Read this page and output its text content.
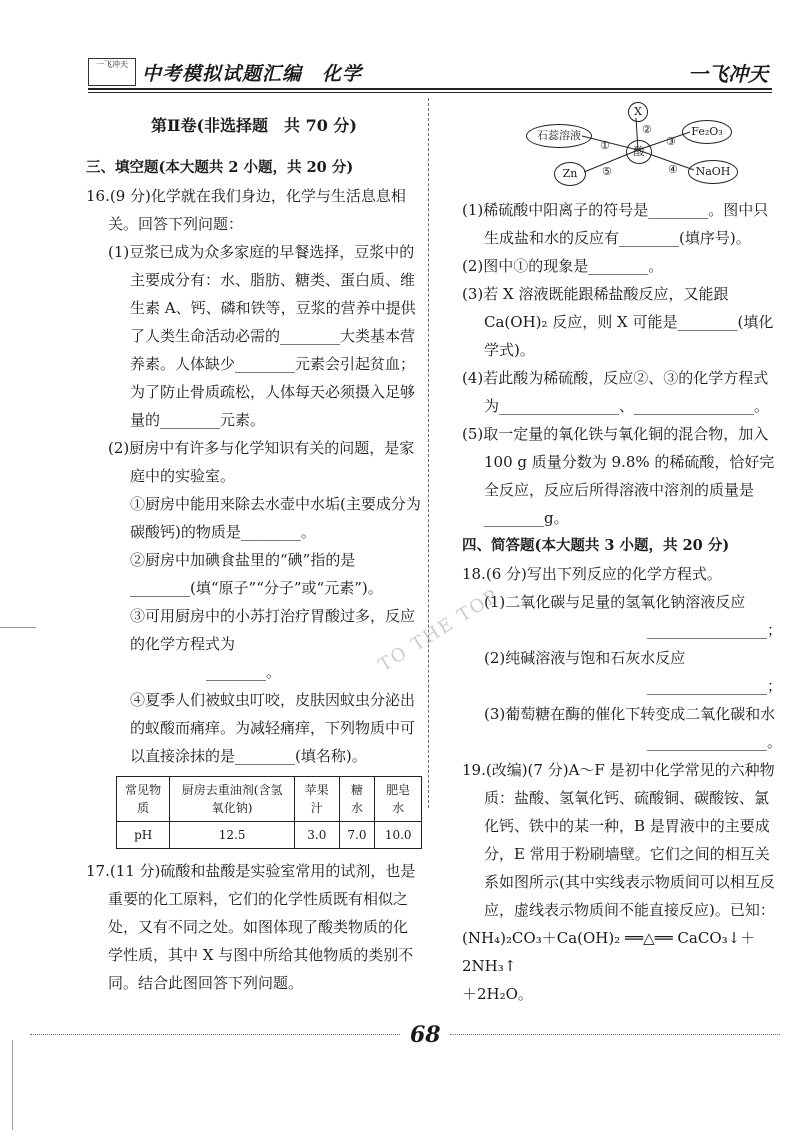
一飞冲天 中考模拟试题汇编　化学	一飞冲天
TO THE TOP
第Ⅱ卷(非选择题　共 70 分)

三、填空题(本大题共 2 小题，共 20 分)

16.(9 分)化学就在我们身边，化学与生活息息相关。回答下列问题：

(1)豆浆已成为众多家庭的早餐选择，豆浆中的主要成分有：水、脂肪、糖类、蛋白质、维生素 A、钙、磷和铁等，豆浆的营养中提供了人类生命活动必需的________大类基本营养素。人体缺少________元素会引起贫血；为了防止骨质疏松，人体每天必须摄入足够量的________元素。

(2)厨房中有许多与化学知识有关的问题，是家庭中的实验室。

①厨房中能用来除去水壶中水垢(主要成分为碳酸钙)的物质是________。

②厨房中加碘食盐里的“碘”指的是________(填“原子”“分子”或“元素”)。

③可用厨房中的小苏打治疗胃酸过多，反应的化学方程式为

________。

④夏季人们被蚊虫叮咬，皮肤因蚊虫分泌出的蚁酸而痛痒。为减轻痛痒，下列物质中可以直接涂抹的是________(填名称)。

常见物质	厨房去重油剂(含氢氧化钠)	苹果汁	糖水	肥皂水
pH	12.5	3.0	7.0	10.0

17.(11 分)硫酸和盐酸是实验室常用的试剂，也是重要的化工原料，它们的化学性质既有相似之处，又有不同之处。如图体现了酸类物质的化学性质，其中 X 与图中所给其他物质的类别不同。结合此图回答下列问题。

石蕊溶液
X
Fe₂O₃
酸
Zn	NaOH
①
②
③
④
⑤

(1)稀硫酸中阳离子的符号是________。图中只生成盐和水的反应有________(填序号)。

(2)图中①的现象是________。

(3)若 X 溶液既能跟稀盐酸反应，又能跟 Ca(OH)₂ 反应，则 X 可能是________(填化学式)。

(4)若此酸为稀硫酸，反应②、③的化学方程式为________________、________________。

(5)取一定量的氧化铁与氧化铜的混合物，加入 100 g 质量分数为 9.8% 的稀硫酸，恰好完全反应，反应后所得溶液中溶剂的质量是________g。

四、简答题(本大题共 3 小题，共 20 分)

18.(6 分)写出下列反应的化学方程式。

(1)二氧化碳与足量的氢氧化钠溶液反应

________________；

(2)纯碱溶液与饱和石灰水反应

________________；

(3)葡萄糖在酶的催化下转变成二氧化碳和水

________________。

19.(改编)(7 分)A～F 是初中化学常见的六种物质：盐酸、氢氧化钙、硫酸铜、碳酸铵、氯化钙、铁中的某一种，B 是胃液中的主要成分，E 常用于粉刷墙壁。它们之间的相互关系如图所示(其中实线表示物质间可以相互反应，虚线表示物质间不能直接反应)。已知：

(NH₄)₂CO₃＋Ca(OH)₂ ══△══ CaCO₃↓＋2NH₃↑

＋2H₂O。

68
